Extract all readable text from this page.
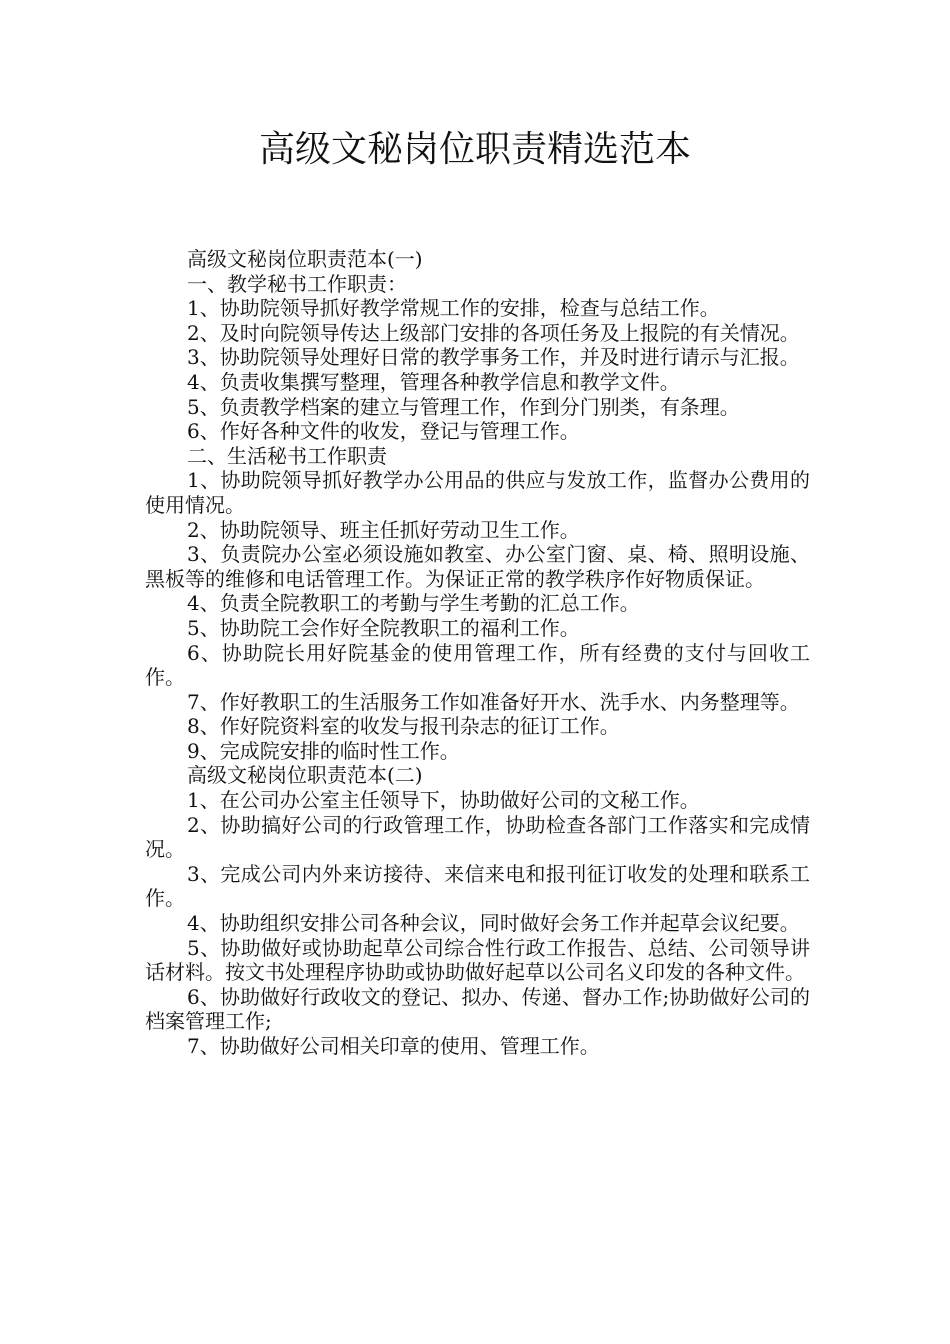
高级文秘岗位职责精选范本

高级文秘岗位职责范本(一)

一、教学秘书工作职责：

1、协助院领导抓好教学常规工作的安排，检查与总结工作。

2、及时向院领导传达上级部门安排的各项任务及上报院的有关情况。

3、协助院领导处理好日常的教学事务工作，并及时进行请示与汇报。

4、负责收集撰写整理，管理各种教学信息和教学文件。

5、负责教学档案的建立与管理工作，作到分门别类，有条理。

6、作好各种文件的收发，登记与管理工作。

二、生活秘书工作职责

1、协助院领导抓好教学办公用品的供应与发放工作，监督办公费用的使用情况。

2、协助院领导、班主任抓好劳动卫生工作。

3、负责院办公室必须设施如教室、办公室门窗、桌、椅、照明设施、黑板等的维修和电话管理工作。为保证正常的教学秩序作好物质保证。

4、负责全院教职工的考勤与学生考勤的汇总工作。

5、协助院工会作好全院教职工的福利工作。

6、协助院长用好院基金的使用管理工作，所有经费的支付与回收工作。

7、作好教职工的生活服务工作如准备好开水、洗手水、内务整理等。

8、作好院资料室的收发与报刊杂志的征订工作。

9、完成院安排的临时性工作。

高级文秘岗位职责范本(二)

1、在公司办公室主任领导下，协助做好公司的文秘工作。

2、协助搞好公司的行政管理工作，协助检查各部门工作落实和完成情况。

3、完成公司内外来访接待、来信来电和报刊征订收发的处理和联系工作。

4、协助组织安排公司各种会议，同时做好会务工作并起草会议纪要。

5、协助做好或协助起草公司综合性行政工作报告、总结、公司领导讲话材料。按文书处理程序协助或协助做好起草以公司名义印发的各种文件。

6、协助做好行政收文的登记、拟办、传递、督办工作;协助做好公司的档案管理工作;

7、协助做好公司相关印章的使用、管理工作。
